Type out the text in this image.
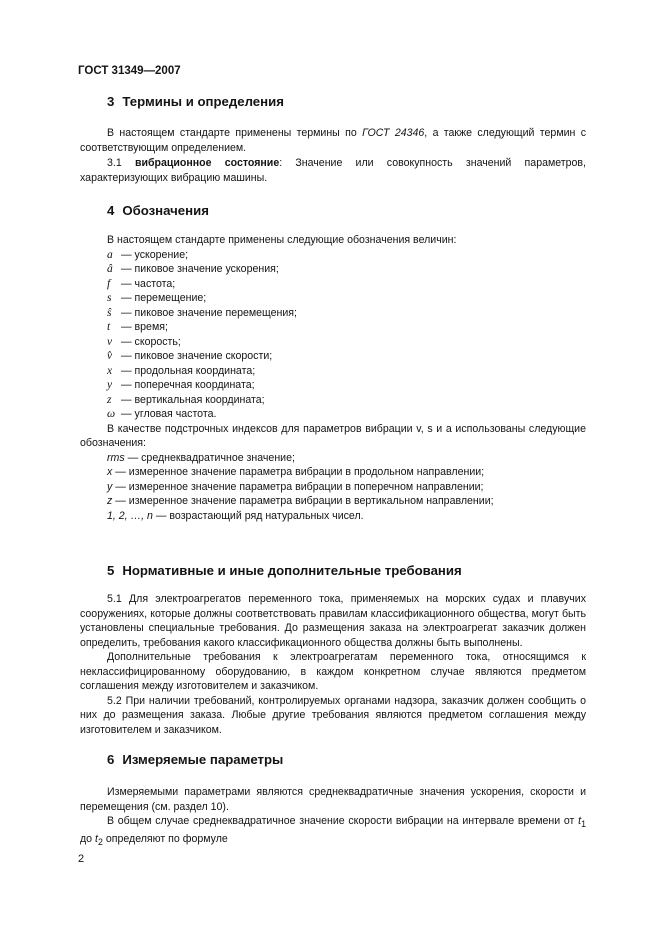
ГОСТ 31349—2007
3 Термины и определения

В настоящем стандарте применены термины по ГОСТ 24346, а также следующий термин с соответствующим определением.

3.1 вибрационное состояние: Значение или совокупность значений параметров, характеризующих вибрацию машины.

4 Обозначения

В настоящем стандарте применены следующие обозначения величин:

a — ускорение;
â — пиковое значение ускорения;
f — частота;
s — перемещение;
ŝ — пиковое значение перемещения;
t — время;
v — скорость;
v̂ — пиковое значение скорости;
x — продольная координата;
y — поперечная координата;
z — вертикальная координата;
ω — угловая частота.

В качестве подстрочных индексов для параметров вибрации v, s и a использованы следующие обозначения:

rms — среднеквадратичное значение;
x — измеренное значение параметра вибрации в продольном направлении;
y — измеренное значение параметра вибрации в поперечном направлении;
z — измеренное значение параметра вибрации в вертикальном направлении;
1, 2, …, n — возрастающий ряд натуральных чисел.
5 Нормативные и иные дополнительные требования

5.1 Для электроагрегатов переменного тока, применяемых на морских судах и плавучих сооружениях, которые должны соответствовать правилам классификационного общества, могут быть установлены специальные требования. До размещения заказа на электроагрегат заказчик должен определить, требования какого классификационного общества должны быть выполнены.

Дополнительные требования к электроагрегатам переменного тока, относящимся к неклассифицированному оборудованию, в каждом конкретном случае являются предметом соглашения между изготовителем и заказчиком.

5.2 При наличии требований, контролируемых органами надзора, заказчик должен сообщить о них до размещения заказа. Любые другие требования являются предметом соглашения между изготовителем и заказчиком.

6 Измеряемые параметры

Измеряемыми параметрами являются среднеквадратичные значения ускорения, скорости и перемещения (см. раздел 10).

В общем случае среднеквадратичное значение скорости вибрации на интервале времени от $t_1$ до $t_2$ определяют по формуле

2
